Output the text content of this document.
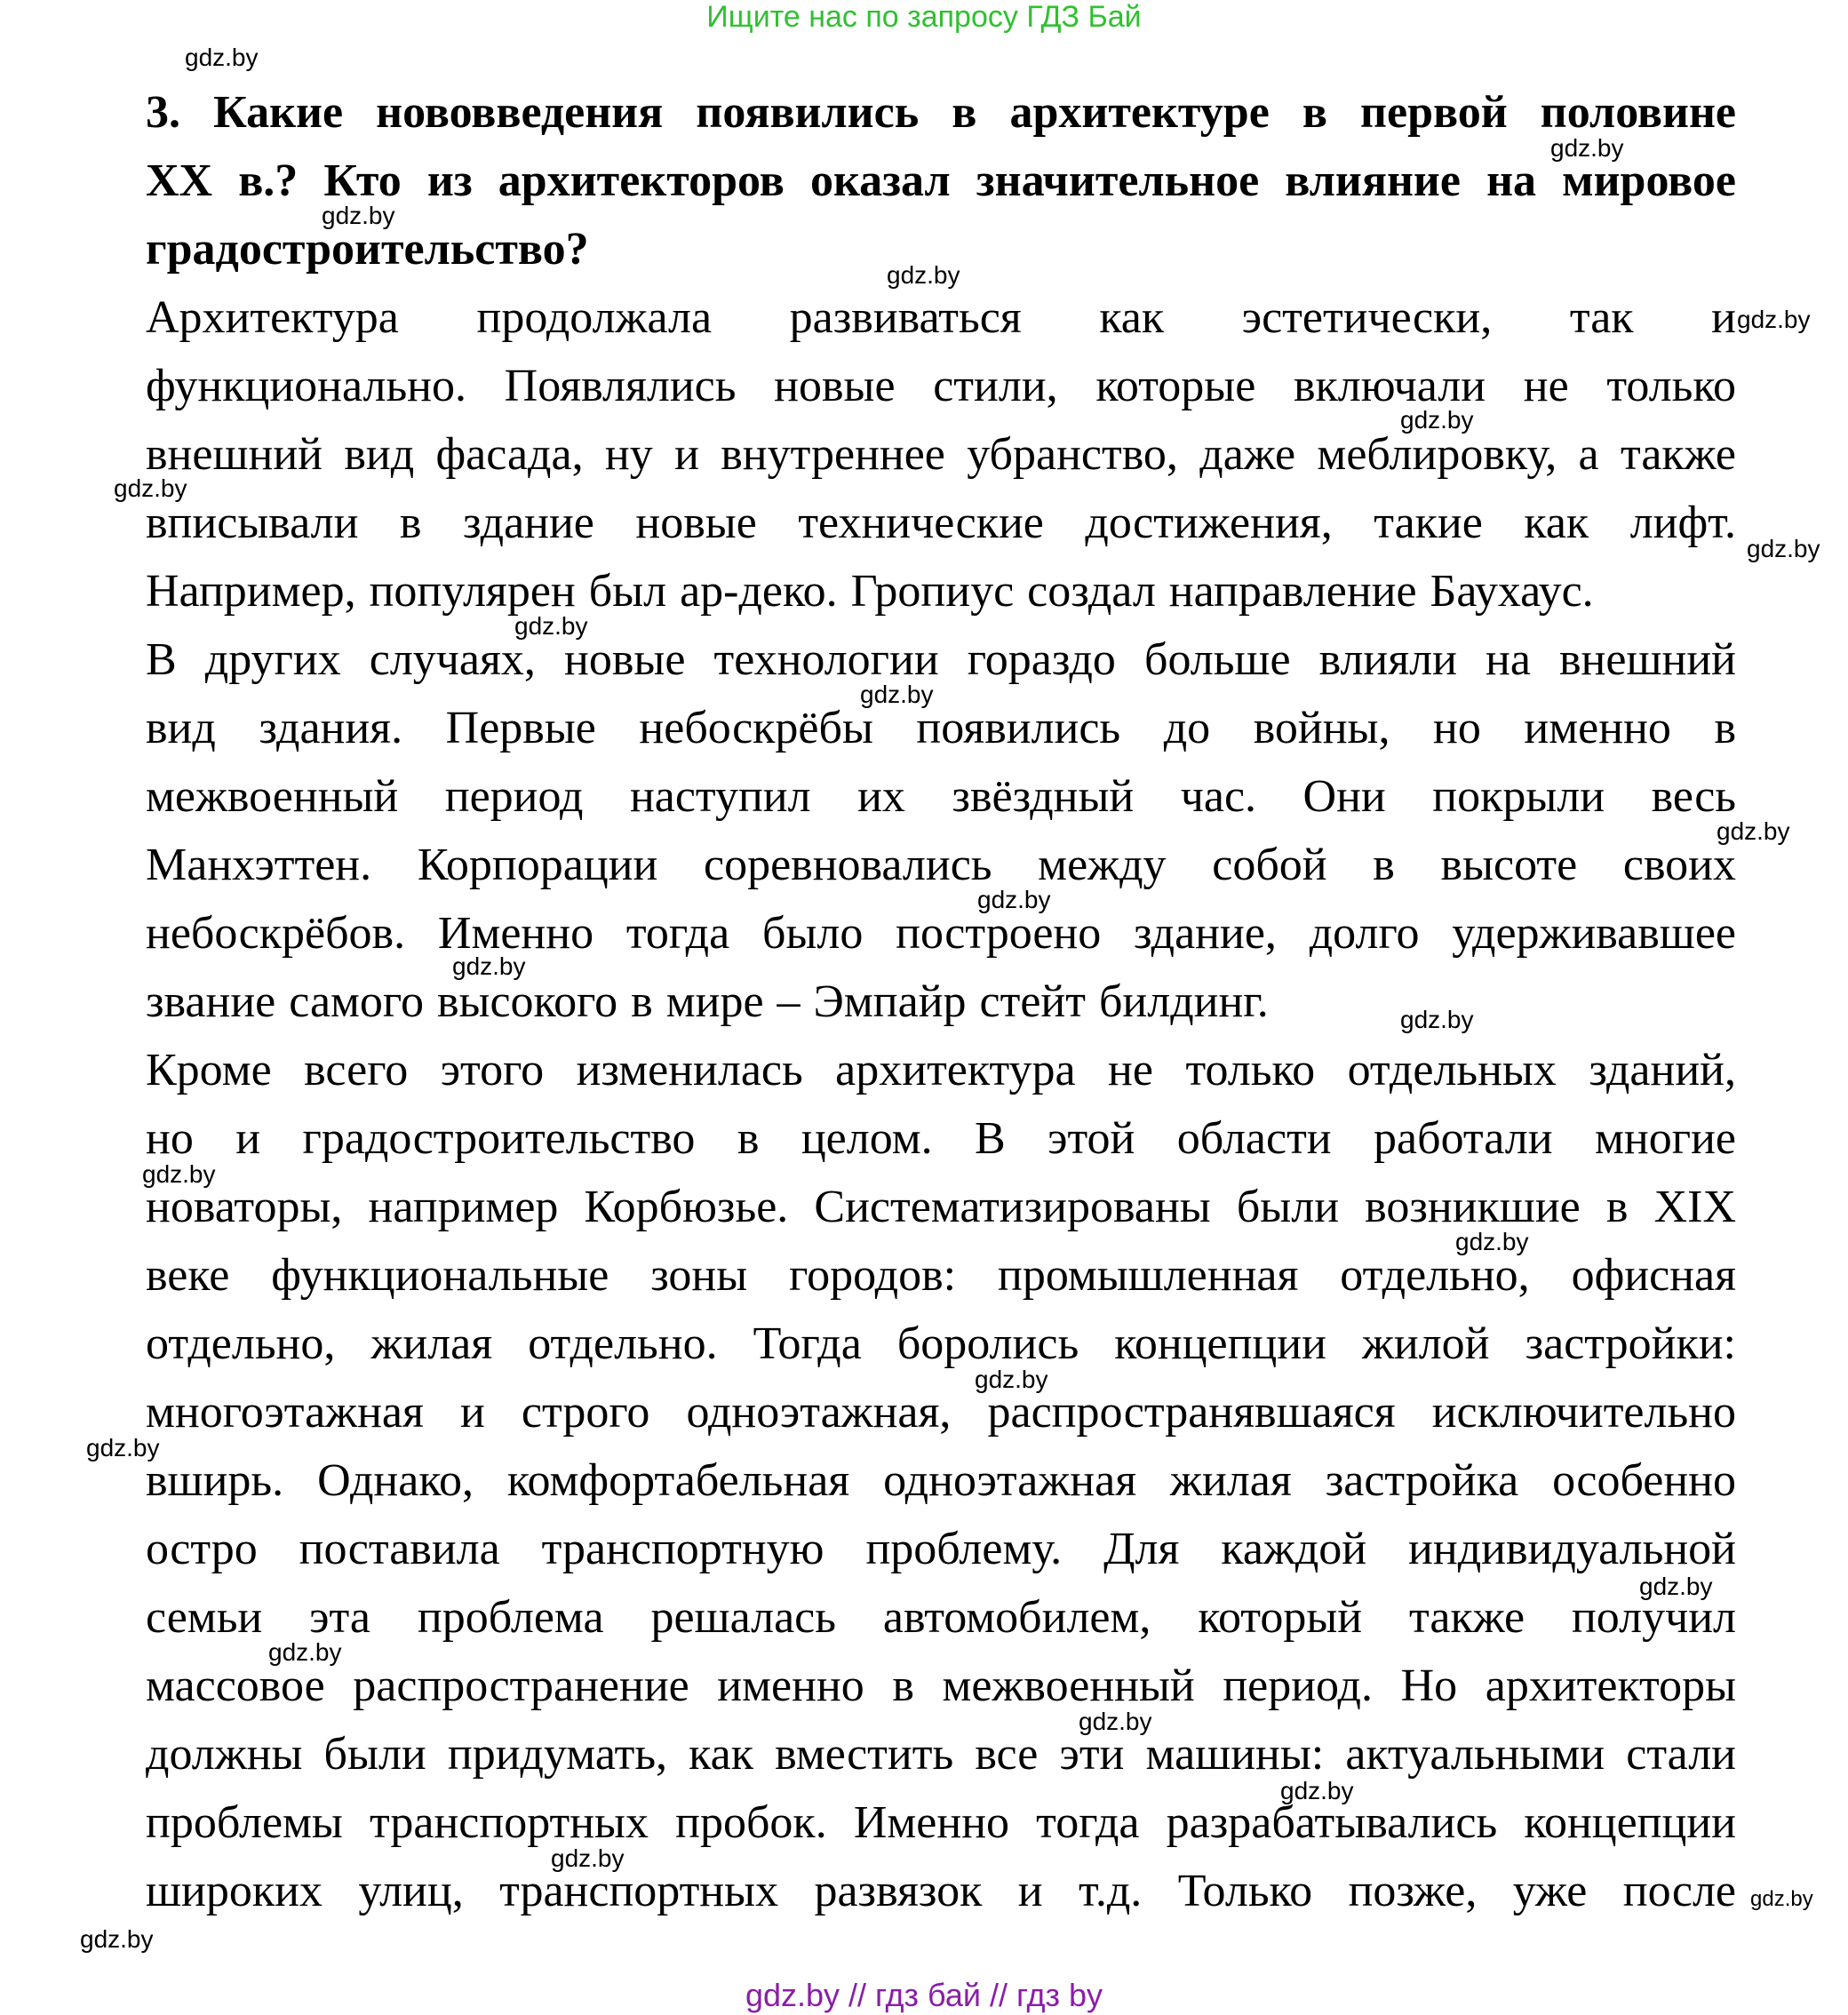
Ищите нас по запросу ГДЗ Бай
3. Какие нововведения появились в архитектуре в первой половине
XX в.? Кто из архитекторов оказал значительное влияние на мировое
градостроительство?
Архитектура продолжала развиваться как эстетически, так и
функционально. Появлялись новые стили, которые включали не только
внешний вид фасада, ну и внутреннее убранство, даже меблировку, а также
вписывали в здание новые технические достижения, такие как лифт.
Например, популярен был ар-деко. Гропиус создал направление Баухаус.
В других случаях, новые технологии гораздо больше влияли на внешний
вид здания. Первые небоскрёбы появились до войны, но именно в
межвоенный период наступил их звёздный час. Они покрыли весь
Манхэттен. Корпорации соревновались между собой в высоте своих
небоскрёбов. Именно тогда было построено здание, долго удерживавшее
звание самого высокого в мире – Эмпайр стейт билдинг.
Кроме всего этого изменилась архитектура не только отдельных зданий,
но и градостроительство в целом. В этой области работали многие
новаторы, например Корбюзье. Систематизированы были возникшие в XIX
веке функциональные зоны городов: промышленная отдельно, офисная
отдельно, жилая отдельно. Тогда боролись концепции жилой застройки:
многоэтажная и строго одноэтажная, распространявшаяся исключительно
вширь. Однако, комфортабельная одноэтажная жилая застройка особенно
остро поставила транспортную проблему. Для каждой индивидуальной
семьи эта проблема решалась автомобилем, который также получил
массовое распространение именно в межвоенный период. Но архитекторы
должны были придумать, как вместить все эти машины: актуальными стали
проблемы транспортных пробок. Именно тогда разрабатывались концепции
широких улиц, транспортных развязок и т.д. Только позже, уже после
gdz.by
gdz.by
gdz.by
gdz.by
gdz.by
gdz.by
gdz.by
gdz.by
gdz.by
gdz.by
gdz.by
gdz.by
gdz.by
gdz.by
gdz.by
gdz.by
gdz.by
gdz.by
gdz.by
gdz.by
gdz.by
gdz.by
gdz.by
gdz.by
gdz.by
gdz.by // гдз бай // гдз by
